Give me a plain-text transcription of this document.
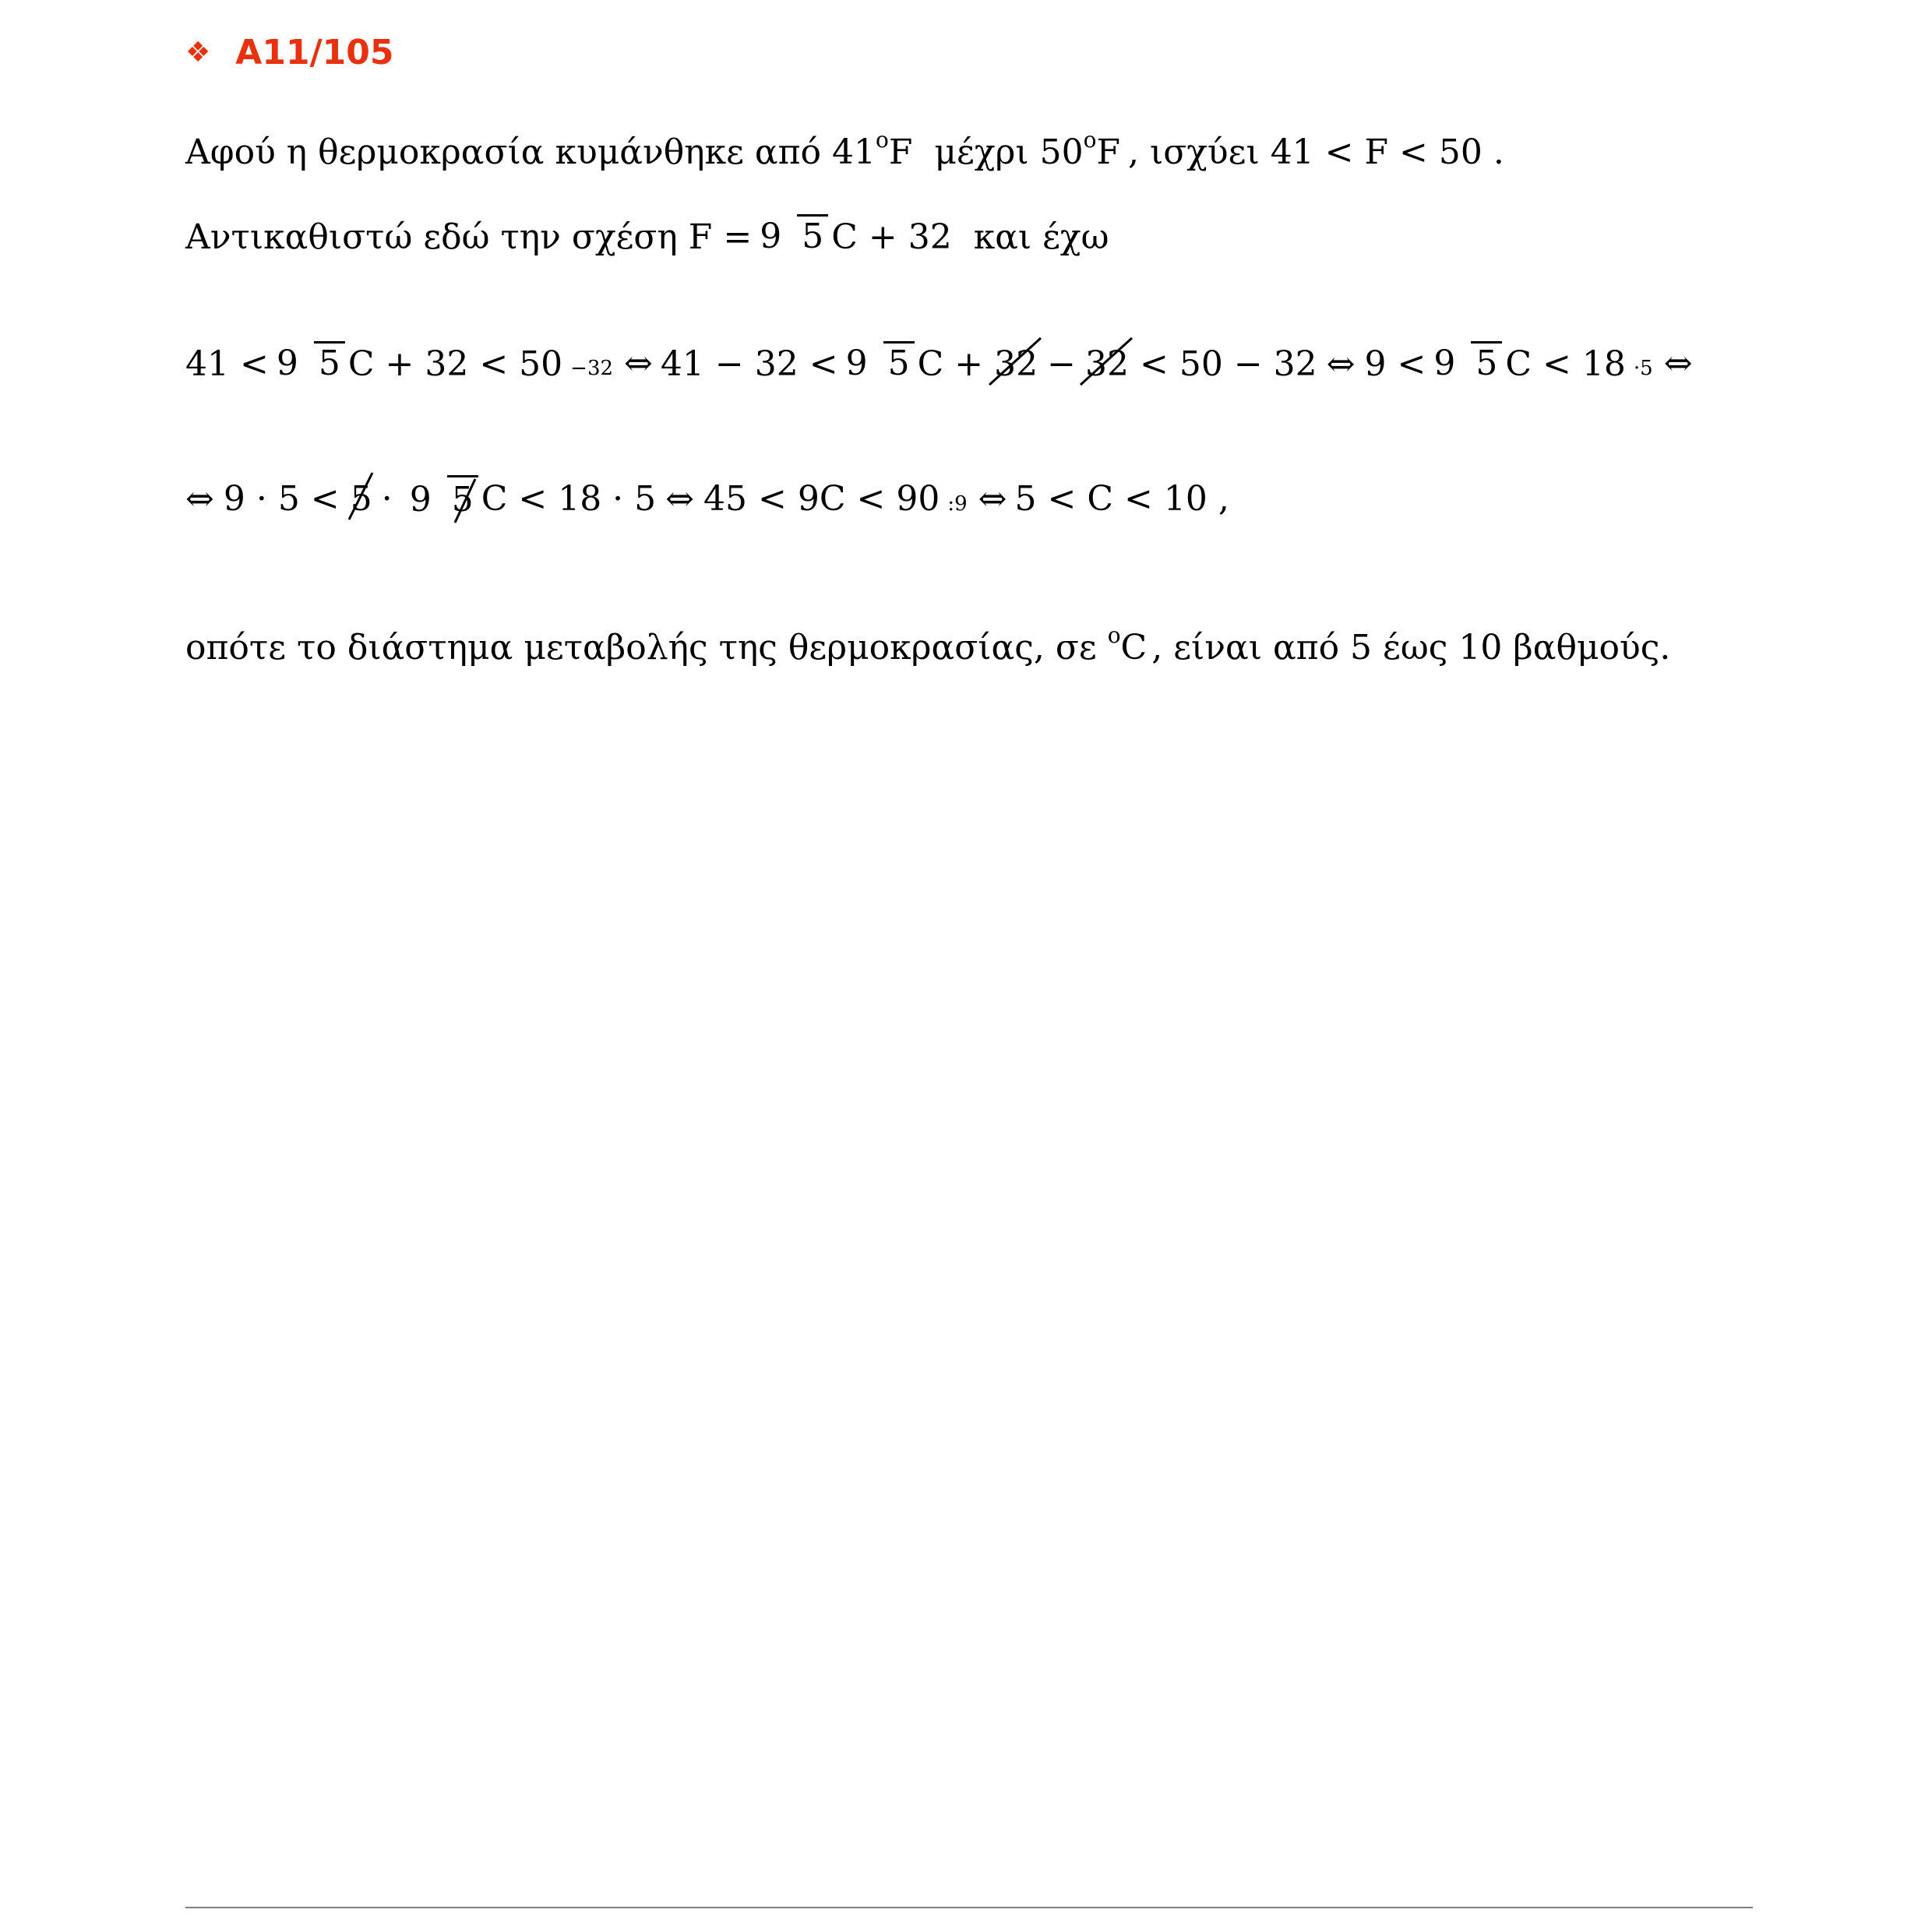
❖ A11/105
Αφού η θερμοκρασία κυμάνθηκε από 41 o F μέχρι 50 o F , ισχύει 41 < F < 50 .
Αντικαθιστώ εδώ την σχέση F = 9 5 C + 32 και έχω
41 < 9 5 C + 32 < 50 −32 ⇔ 41 − 32 < 9 5 C + 32 − 32 < 50 − 32 ⇔ 9 < 9 5 C < 18 ·5 ⇔
⇔ 9 · 5 < 5 · 9 5 C < 18 · 5 ⇔ 45 < 9C < 90 :9 ⇔ 5 < C < 10 ,
οπότε το διάστημα μεταβολής της θερμοκρασίας, σε o C , είναι από 5 έως 10 βαθμούς.
